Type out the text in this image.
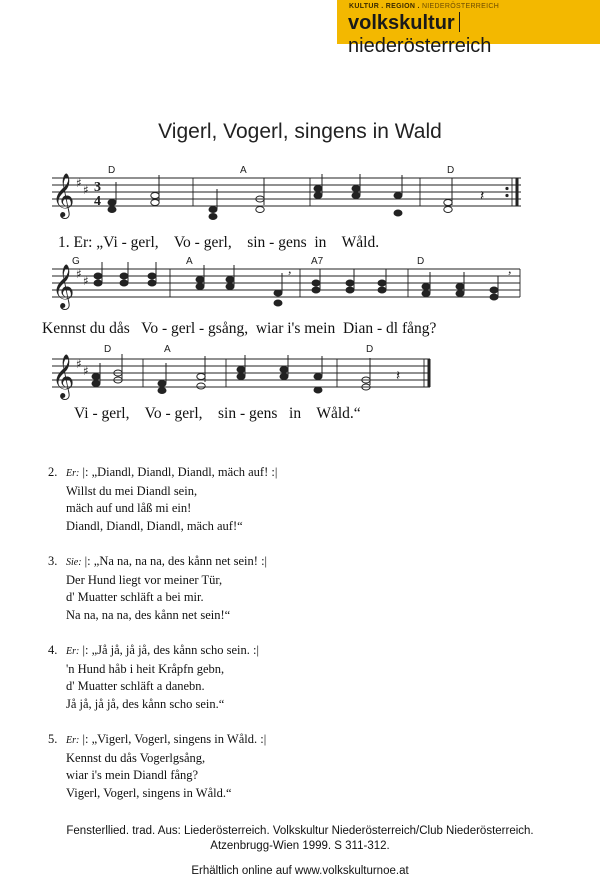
KULTUR . REGION . NIEDERÖSTERREICH
volkskulturniederösterreich
Vigerl, Vogerl, singens in Wald
𝄞 ♯ ♯ 3
4
D	A	D
𝄽
𝄞 ♯ ♯
G	A	A7	D
,	,
𝄞 ♯ ♯
D	A	D
𝄽
1. Er: „Vi - gerl,    Vo - gerl,    sin - gens  in    Wåld.
Kennst du dås   Vo - gerl - gsång,  wiar i's mein  Dian - dl fång?
Vi - gerl,    Vo - gerl,    sin - gens   in    Wåld.“
2. Er: |: „Diandl, Diandl, Diandl, mäch auf! :|
Willst du mei Diandl sein,
mäch auf und låß mi ein!
Diandl, Diandl, Diandl, mäch auf!“
3. Sie: |: „Na na, na na, des kånn net sein! :|
Der Hund liegt vor meiner Tür,
d' Muatter schläft a bei mir.
Na na, na na, des kånn net sein!“
4. Er: |: „Jå jå, jå jå, des kånn scho sein. :|
'n Hund håb i heit Kråpfn gebn,
d' Muatter schläft a danebn.
Jå jå, jå jå, des kånn scho sein.“
5. Er: |: „Vigerl, Vogerl, singens in Wåld. :|
Kennst du dås Vogerlgsång,
wiar i's mein Diandl fång?
Vigerl, Vogerl, singens in Wåld.“
Fensterllied. trad. Aus: Liederösterreich. Volkskultur Niederösterreich/Club Niederösterreich.
Atzenbrugg-Wien 1999. S 311-312.
Erhältlich online auf www.volkskulturnoe.at
